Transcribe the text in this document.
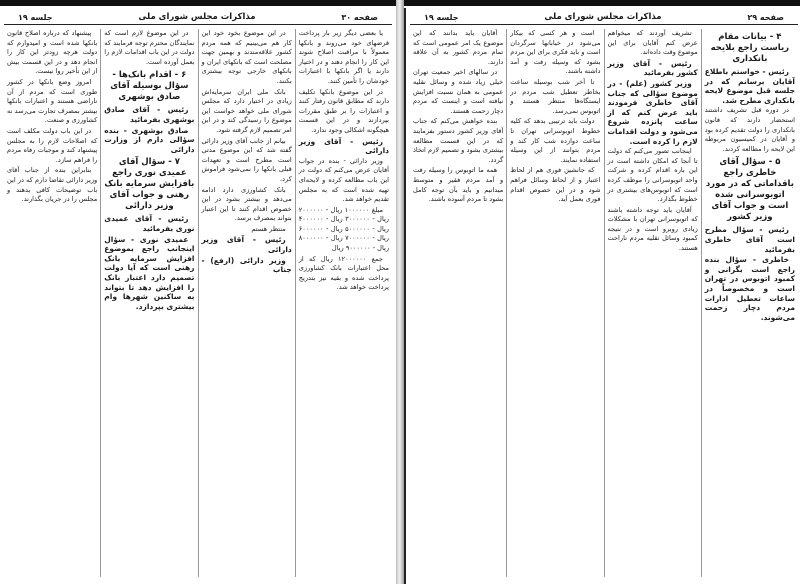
صفحه ۳۰
مذاکرات مجلس شورای ملی
جلسه ۱۹

یا بعضی دیگر زیر بار پرداخت قرضهای خود می‌روند و بانکها معمولاً با مراقبت اصلاح شوند این کار را انجام دهند و در اختیار دارند یا اگر بانکها با اعتبارات خودشان را تأمین کنند.

در این موضوع بانکها تکلیف دارند که مطابق قانون رفتار کنند و اعتبارات را بر طبق مقررات بپردازند و در این قسمت هیچگونه اشکالی وجود ندارد.

رئیس - آقای وزیر دارائی

وزیر دارائی - بنده در جواب آقایان عرض می‌کنم که دولت در این باب مطالعه کرده و لایحه‌ای تهیه شده است که به مجلس تقدیم خواهد شد.

مبلغ ۱۰۰۰۰۰۰ ریال - ۲۰۰۰۰۰۰ ریال - ۳۰۰۰۰۰۰ ریال - ۴۰۰۰۰۰۰ ریال - ۵۰۰۰۰۰۰ ریال - ۶۰۰۰۰۰۰ ریال - ۷۰۰۰۰۰۰ ریال - ۸۰۰۰۰۰۰ ریال - ۹۰۰۰۰۰۰ ریال

جمع ۱۲۰۰۰۰۰۰ ریال که از محل اعتبارات بانک کشاورزی پرداخت شده و بقیه نیز بتدریج پرداخت خواهد شد.

در این موضوع بخود خود این کار هم می‌بینیم که همه مردم کشور علاقه‌مندند و بهمین جهت مصلحت است که بانکهای ایران و بانکهای خارجی توجه بیشتری بکنند.

بانک ملی ایران سرمایه‌اش زیادی در اختیار دارد که مجلس شورای ملی خواهد خواست این موضوع را رسیدگی کند و در این امر تصمیم لازم گرفته شود.

بیانم از جانب آقای وزیر دارائی گفته شد که این موضوع مدتی است مطرح است و تعهدات قبلی بانکها را نمی‌شود فراموش کرد.

بانک کشاورزی دارد ادامه می‌دهد و بیشتر بشود در این خصوص اقدام کنند تا این اعتبار بتواند بمصرف برسد.

منتظر هستم

رئیس - آقای وزیر دارائی

وزیر دارائی (ارفع) - جناب

در این موضوع لازم است که نمایندگان محترم توجه فرمایند که دولت در این باب اقدامات لازم را بعمل آورده است.

۶ - اقدام بانک‌ها - سؤال بوسیله آقای صادق بوشهری

رئیس - آقای صادق بوشهری بفرمائید

صادق بوشهری - بنده سؤالی دارم از وزارت دارائی

۷ - سؤال آقای عمیدی نوری راجع بافزایش سرمایه بانک رهنی و جواب آقای وزیر دارائی

رئیس - آقای عمیدی نوری بفرمائید

عمیدی نوری - سؤال اینجانب راجع بموضوع افزایش سرمایه بانک رهنی است که آیا دولت تصمیم دارد اعتبار بانک را افزایش دهد تا بتواند به ساکنین شهرها وام بیشتری بپردازد.

پیشنهاد که درباره اصلاح قانون بانکها شده است و امیدوارم که دولت هرچه زودتر این کار را انجام دهد و در این قسمت بیش از این تأخیر روا نیست.

امروز وضع بانکها در کشور طوری است که مردم از آن ناراضی هستند و اعتبارات بانکها بیشتر بمصرف تجارت می‌رسد نه کشاورزی و صنعت.

در این باب دولت مکلف است که اصلاحات لازم را به مجلس پیشنهاد کند و موجبات رفاه مردم را فراهم سازد.

بنابراین بنده از جناب آقای وزیر دارائی تقاضا دارم که در این باب توضیحات کافی بدهند و مجلس را در جریان بگذارند.

صفحه ۲۹
مذاکرات مجلس شورای ملی
جلسه ۱۹
۴ - بیانات مقام ریاست راجع بلایحه بانکداری

رئیس - خواستم باطلاع آقایان برسانم که در جلسه قبل موضوع لایحه بانکداری مطرح شد.

در دوره قبل تشریف داشتند استحضار دارند که قانون بانکداری را دولت تقدیم کرده بود و آقایان در کمیسیون مربوطه این لایحه را مطالعه کردند.

۵ - سؤال آقای خاطری راجع باقداماتی که در مورد اتوبوسرانی شده است و جواب آقای وزیر کشور

رئیس - سؤال مطرح است آقای خاطری بفرمائید

خاطری - سؤال بنده راجع است بگرانی و کمبود اتوبوس در تهران است و مخصوصاً در ساعات تعطیل ادارات مردم دچار زحمت می‌شوند.

تشریف آوردند که میخواهم عرض کنم آقایان برای این موضوع وقت داده‌اند.

رئیس - آقای وزیر کشور بفرمائید

وزیر کشور (علم) - در موضوع سؤالی که جناب آقای خاطری فرمودند باید عرض کنم که از ساعت پانزده شروع می‌شود و دولت اقدامات لازم را کرده است.

اینجانب تصور می‌کنم که دولت تا آنجا که امکان داشته است در این باره اقدام کرده و شرکت واحد اتوبوسرانی را موظف کرده است که اتوبوس‌های بیشتری در خطوط بگذارد.

آقایان باید توجه داشته باشند که اتوبوسرانی تهران با مشکلات زیادی روبرو است و در نتیجه کمبود وسائل نقلیه مردم ناراحت هستند.

است و هر کسی که بیکار می‌شود در خیابانها سرگردان است و باید فکری برای این مردم بشود که وسیله رفت و آمد داشته باشند.

تا آخر شب بوسیله ساعت بخاطر تعطیل شب مردم در ایستگاه‌ها منتظر هستند و اتوبوس نمی‌رسد.

دولت باید ترتیبی بدهد که کلیه خطوط اتوبوسرانی تهران تا ساعت دوازده شب کار کند و مردم بتوانند از این وسیله استفاده نمایند.

که جانشین فوری هم از لحاظ اعتبار و از لحاظ وسائل فراهم شود و در این خصوص اقدام فوری بعمل آید.

آقایان باید بدانند که این موضوع یک امر عمومی است که تمام مردم کشور به آن علاقه دارند.

در سالهای اخیر جمعیت تهران خیلی زیاد شده و وسائل نقلیه عمومی به همان نسبت افزایش نیافته است و اینست که مردم دچار زحمت هستند.

بنده خواهش می‌کنم که جناب آقای وزیر کشور دستور بفرمایند که در این قسمت مطالعه بیشتری بشود و تصمیم لازم اتخاذ گردد.

همه ما اتوبوس را وسیله رفت و آمد مردم فقیر و متوسط میدانیم و باید بآن توجه کامل بشود تا مردم آسوده باشند.
